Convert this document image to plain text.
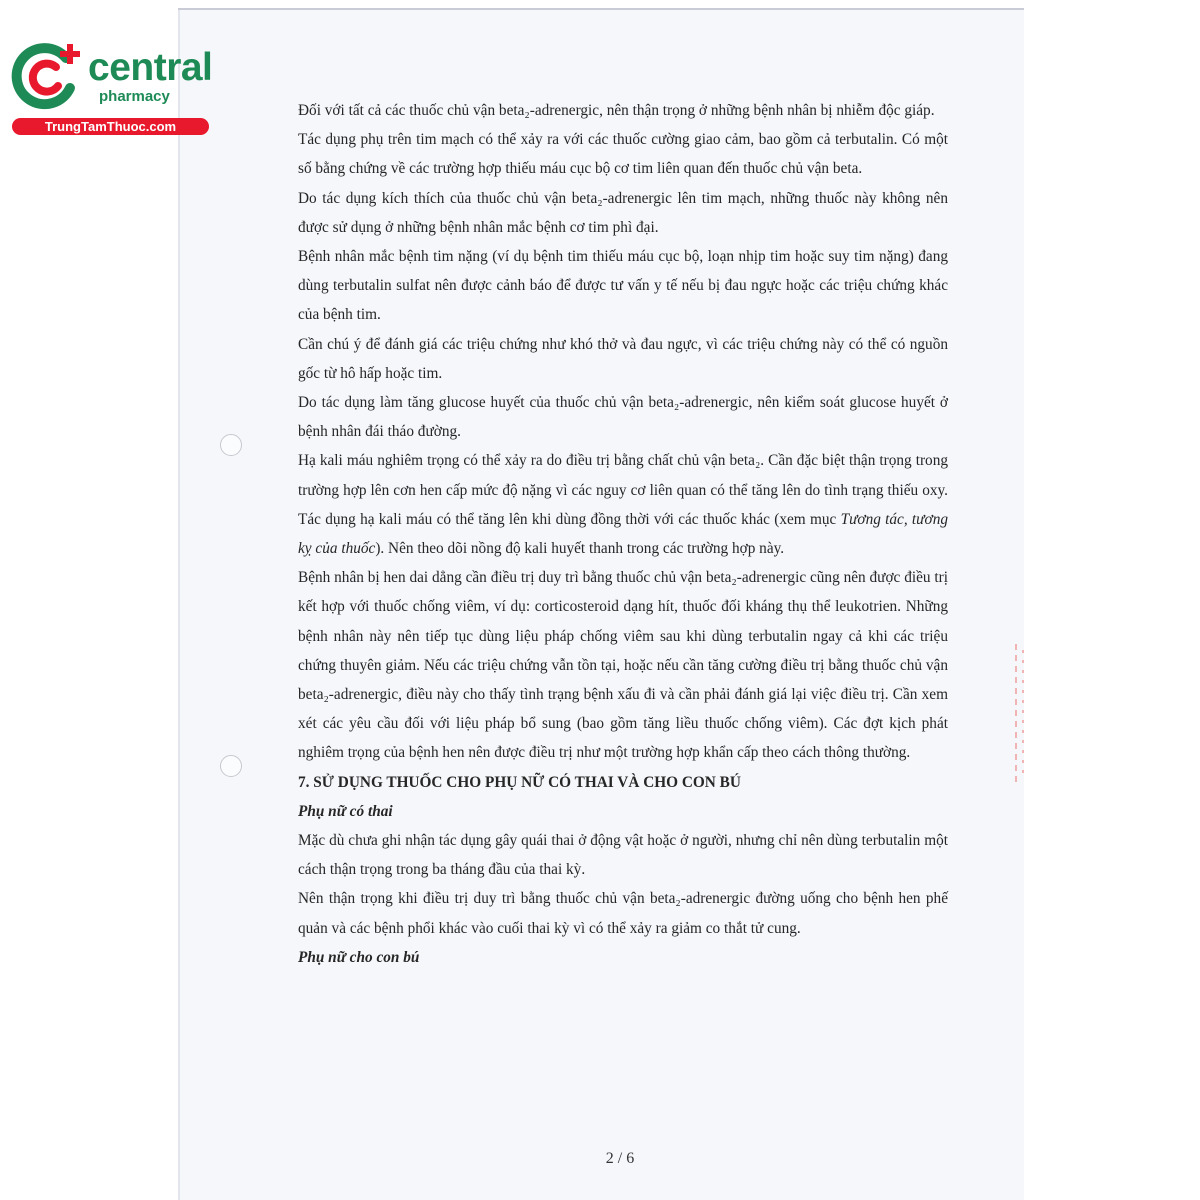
central
pharmacy
TrungTamThuoc.com

Đối với tất cả các thuốc chủ vận beta₂-adrenergic, nên thận trọng ở những bệnh nhân bị nhiễm độc giáp.

Tác dụng phụ trên tim mạch có thể xảy ra với các thuốc cường giao cảm, bao gồm cả terbutalin. Có một số bằng chứng về các trường hợp thiếu máu cục bộ cơ tim liên quan đến thuốc chủ vận beta.

Do tác dụng kích thích của thuốc chủ vận beta₂-adrenergic lên tim mạch, những thuốc này không nên được sử dụng ở những bệnh nhân mắc bệnh cơ tim phì đại.

Bệnh nhân mắc bệnh tim nặng (ví dụ bệnh tim thiếu máu cục bộ, loạn nhịp tim hoặc suy tim nặng) đang dùng terbutalin sulfat nên được cảnh báo để được tư vấn y tế nếu bị đau ngực hoặc các triệu chứng khác của bệnh tim.

Cần chú ý để đánh giá các triệu chứng như khó thở và đau ngực, vì các triệu chứng này có thể có nguồn gốc từ hô hấp hoặc tim.

Do tác dụng làm tăng glucose huyết của thuốc chủ vận beta₂-adrenergic, nên kiểm soát glucose huyết ở bệnh nhân đái tháo đường.

Hạ kali máu nghiêm trọng có thể xảy ra do điều trị bằng chất chủ vận beta₂. Cần đặc biệt thận trọng trong trường hợp lên cơn hen cấp mức độ nặng vì các nguy cơ liên quan có thể tăng lên do tình trạng thiếu oxy. Tác dụng hạ kali máu có thể tăng lên khi dùng đồng thời với các thuốc khác (xem mục Tương tác, tương kỵ của thuốc). Nên theo dõi nồng độ kali huyết thanh trong các trường hợp này.

Bệnh nhân bị hen dai dẳng cần điều trị duy trì bằng thuốc chủ vận beta₂-adrenergic cũng nên được điều trị kết hợp với thuốc chống viêm, ví dụ: corticosteroid dạng hít, thuốc đối kháng thụ thể leukotrien. Những bệnh nhân này nên tiếp tục dùng liệu pháp chống viêm sau khi dùng terbutalin ngay cả khi các triệu chứng thuyên giảm. Nếu các triệu chứng vẫn tồn tại, hoặc nếu cần tăng cường điều trị bằng thuốc chủ vận beta₂-adrenergic, điều này cho thấy tình trạng bệnh xấu đi và cần phải đánh giá lại việc điều trị. Cần xem xét các yêu cầu đối với liệu pháp bổ sung (bao gồm tăng liều thuốc chống viêm). Các đợt kịch phát nghiêm trọng của bệnh hen nên được điều trị như một trường hợp khẩn cấp theo cách thông thường.

7. SỬ DỤNG THUỐC CHO PHỤ NỮ CÓ THAI VÀ CHO CON BÚ
Phụ nữ có thai

Mặc dù chưa ghi nhận tác dụng gây quái thai ở động vật hoặc ở người, nhưng chỉ nên dùng terbutalin một cách thận trọng trong ba tháng đầu của thai kỳ.

Nên thận trọng khi điều trị duy trì bằng thuốc chủ vận beta₂-adrenergic đường uống cho bệnh hen phế quản và các bệnh phổi khác vào cuối thai kỳ vì có thể xảy ra giảm co thắt tử cung.

Phụ nữ cho con bú
2 / 6
